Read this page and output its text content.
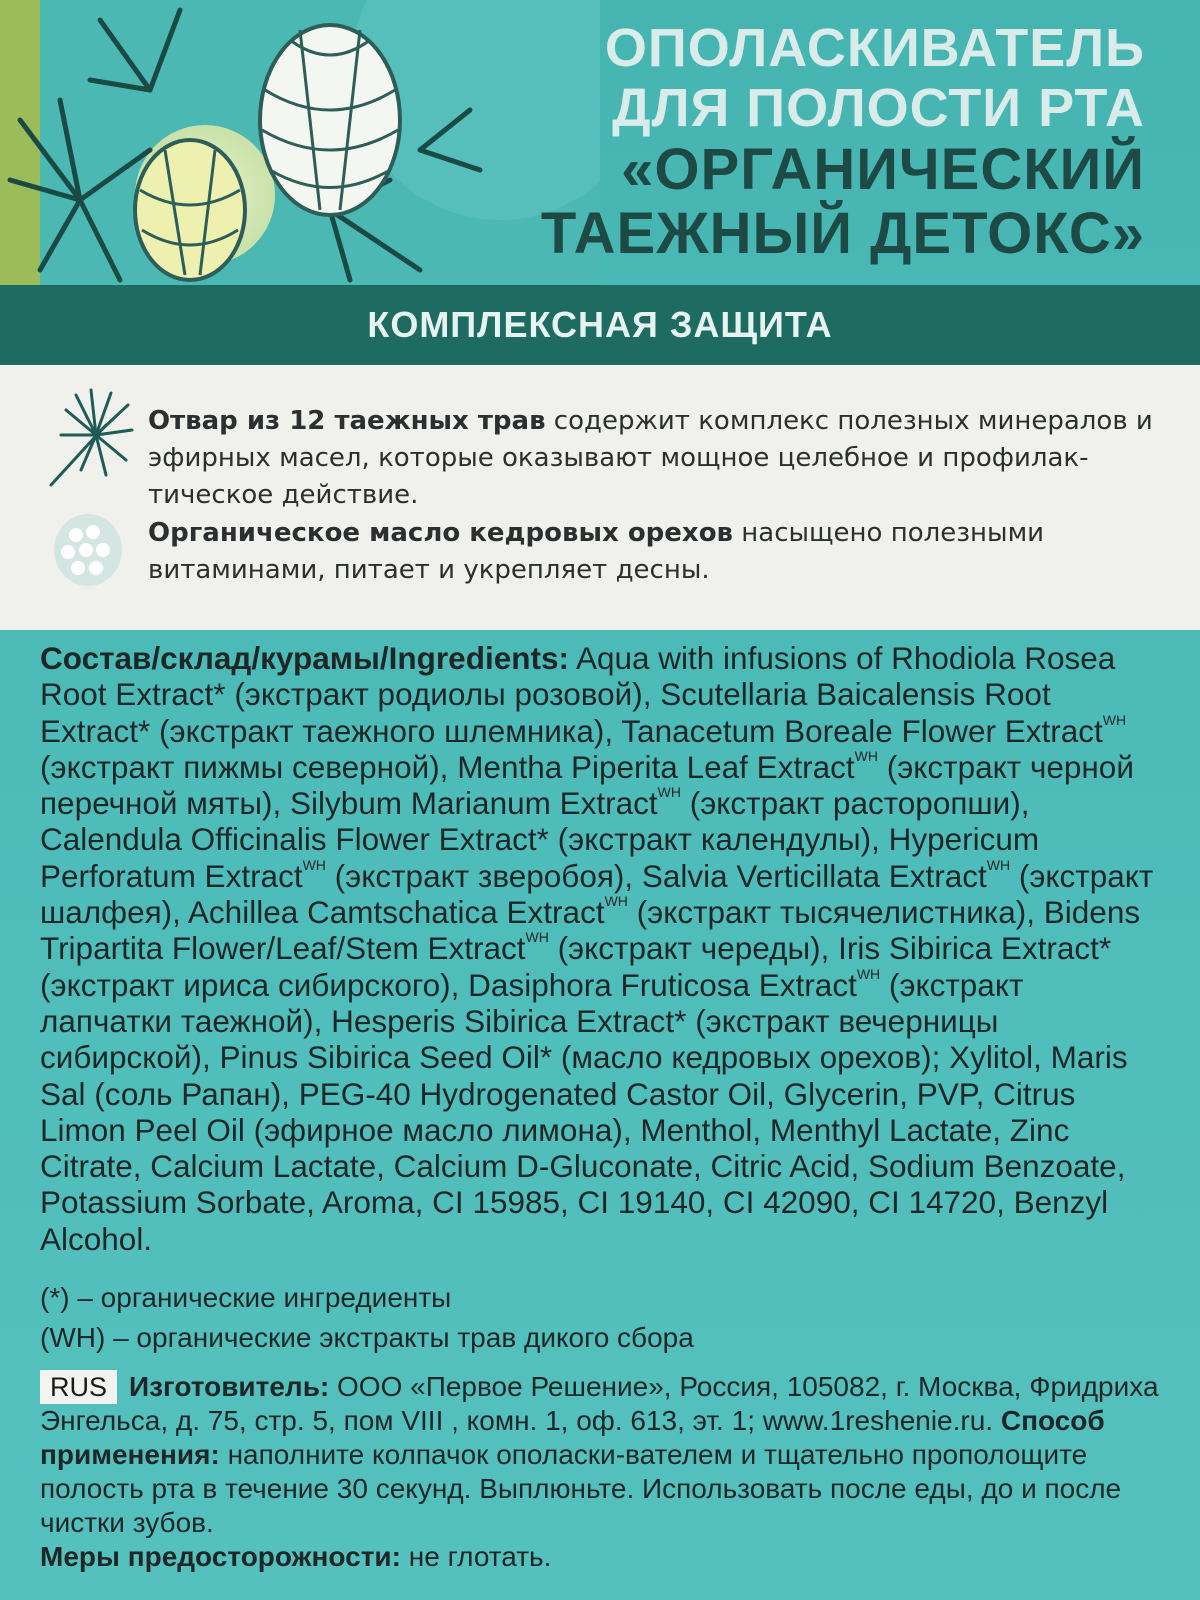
ОПОЛАСКИВАТЕЛЬ
ДЛЯ ПОЛОСТИ РТА
«ОРГАНИЧЕСКИЙ
ТАЕЖНЫЙ ДЕТОКС»
КОМПЛЕКСНАЯ ЗАЩИТА
Отвар из 12 таежных трав содержит комплекс полезных минералов и эфирных масел, которые оказывают мощное целебное и профилак-тическое действие.
Органическое масло кедровых орехов насыщено полезными витаминами, питает и укрепляет десны.
Состав/склад/курамы/Ingredients: Aqua with infusions of Rhodiola Rosea Root Extract* (экстракт родиолы розовой), Scutellaria Baicalensis Root Extract* (экстракт таежного шлемника), Tanacetum Boreale Flower Extract$^{WH}$ (экстракт пижмы северной), Mentha Piperita Leaf Extract$^{WH}$ (экстракт черной перечной мяты), Silybum Marianum Extract$^{WH}$ (экстракт расторопши), Calendula Officinalis Flower Extract* (экстракт календулы), Hypericum Perforatum Extract$^{WH}$ (экстракт зверобоя), Salvia Verticillata Extract$^{WH}$ (экстракт шалфея), Achillea Camtschatica Extract$^{WH}$ (экстракт тысячелистника), Bidens Tripartita Flower/Leaf/Stem Extract$^{WH}$ (экстракт череды), Iris Sibirica Extract* (экстракт ириса сибирского), Dasiphora Fruticosa Extract$^{WH}$ (экстракт лапчатки таежной), Hesperis Sibirica Extract* (экстракт вечерницы сибирской), Pinus Sibirica Seed Oil* (масло кедровых орехов); Xylitol, Maris Sal (соль Рапан), PEG-40 Hydrogenated Castor Oil, Glycerin, PVP, Citrus Limon Peel Oil (эфирное масло лимона), Menthol, Menthyl Lactate, Zinc Citrate, Calcium Lactate, Calcium D-Gluconate, Citric Acid, Sodium Benzoate, Potassium Sorbate, Aroma, CI 15985, CI 19140, CI 42090, CI 14720, Benzyl Alcohol.
(*) – органические ингредиенты
(WH) – органические экстракты трав дикого сбора
RUS Изготовитель: ООО «Первое Решение», Россия, 105082, г. Москва, Фридриха Энгельса, д. 75, стр. 5, пом VIII , комн. 1, оф. 613, эт. 1; www.1reshenie.ru. Способ применения: наполните колпачок ополаски-вателем и тщательно прополощите полость рта в течение 30 секунд. Выплюньте. Использовать после еды, до и после чистки зубов.
Меры предосторожности: не глотать.
